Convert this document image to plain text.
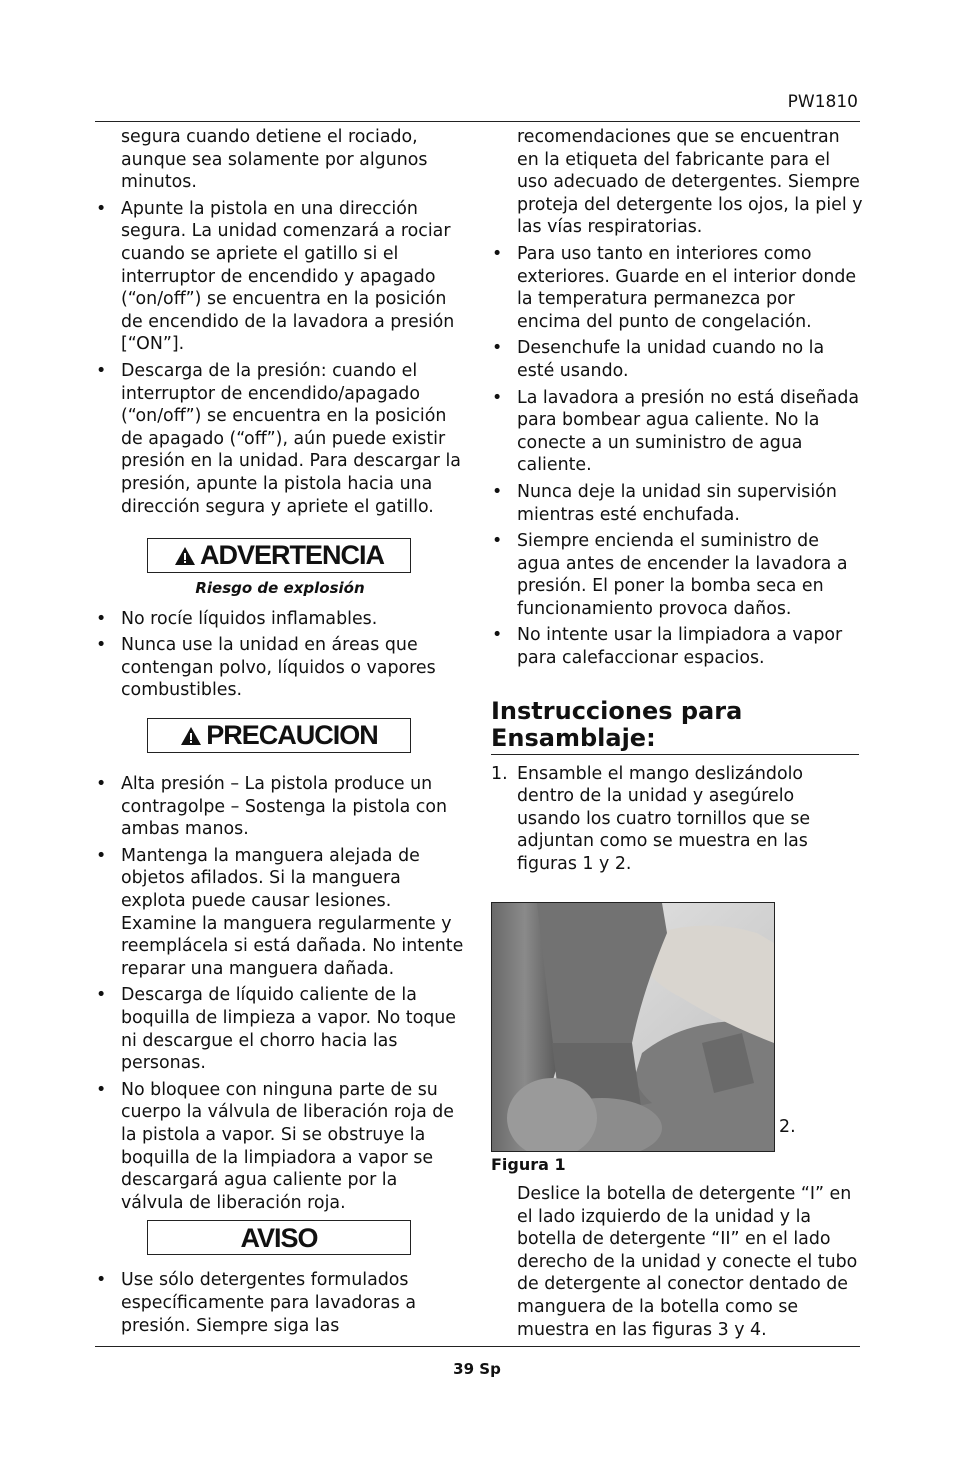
PW1810

segura cuando detiene el rociado, aunque sea solamente por algunos minutos.

• Apunte la pistola en una dirección segura. La unidad comenzará a rociar cuando se apriete el gatillo si el interruptor de encendido y apagado (“on/off”) se encuentra en la posición de encendido de la lavadora a presión [“ON”].
• Descarga de la presión: cuando el interruptor de encendido/apagado (“on/off”) se encuentra en la posición de apagado (“off”), aún puede existir presión en la unidad. Para descargar la presión, apunte la pistola hacia una dirección segura y apriete el gatillo.
ADVERTENCIA
Riesgo de explosión
• No rocíe líquidos inflamables.
• Nunca use la unidad en áreas que contengan polvo, líquidos o vapores combustibles.
PRECAUCION
• Alta presión – La pistola produce un contragolpe – Sostenga la pistola con ambas manos.
• Mantenga la manguera alejada de objetos afilados. Si la manguera explota puede causar lesiones. Examine la manguera regularmente y reemplácela si está dañada. No intente reparar una manguera dañada.
• Descarga de líquido caliente de la boquilla de limpieza a vapor. No toque ni descargue el chorro hacia las personas.
• No bloquee con ninguna parte de su cuerpo la válvula de liberación roja de la pistola a vapor. Si se obstruye la boquilla de la limpiadora a vapor se descargará agua caliente por la válvula de liberación roja.
AVISO
• Use sólo detergentes formulados específicamente para lavadoras a presión. Siempre siga las

recomendaciones que se encuentran en la etiqueta del fabricante para el uso adecuado de detergentes. Siempre proteja del detergente los ojos, la piel y las vías respiratorias.

• Para uso tanto en interiores como exteriores. Guarde en el interior donde la temperatura permanezca por encima del punto de congelación.
• Desenchufe la unidad cuando no la esté usando.
• La lavadora a presión no está diseñada para bombear agua caliente. No la conecte a un suministro de agua caliente.
• Nunca deje la unidad sin supervisión mientras esté enchufada.
• Siempre encienda el suministro de agua antes de encender la lavadora a presión. El poner la bomba seca en funcionamiento provoca daños.
• No intente usar la limpiadora a vapor para calefaccionar espacios.
Instrucciones para Ensamblaje:
1. Ensamble el mango deslizándolo dentro de la unidad y asegúrelo usando los cuatro tornillos que se adjuntan como se muestra en las figuras 1 y 2.
2.
Figura 1
Deslice la botella de detergente “I” en el lado izquierdo de la unidad y la botella de detergente “II” en el lado derecho de la unidad y conecte el tubo de detergente al conector dentado de manguera de la botella como se muestra en las figuras 3 y 4.
39 Sp
